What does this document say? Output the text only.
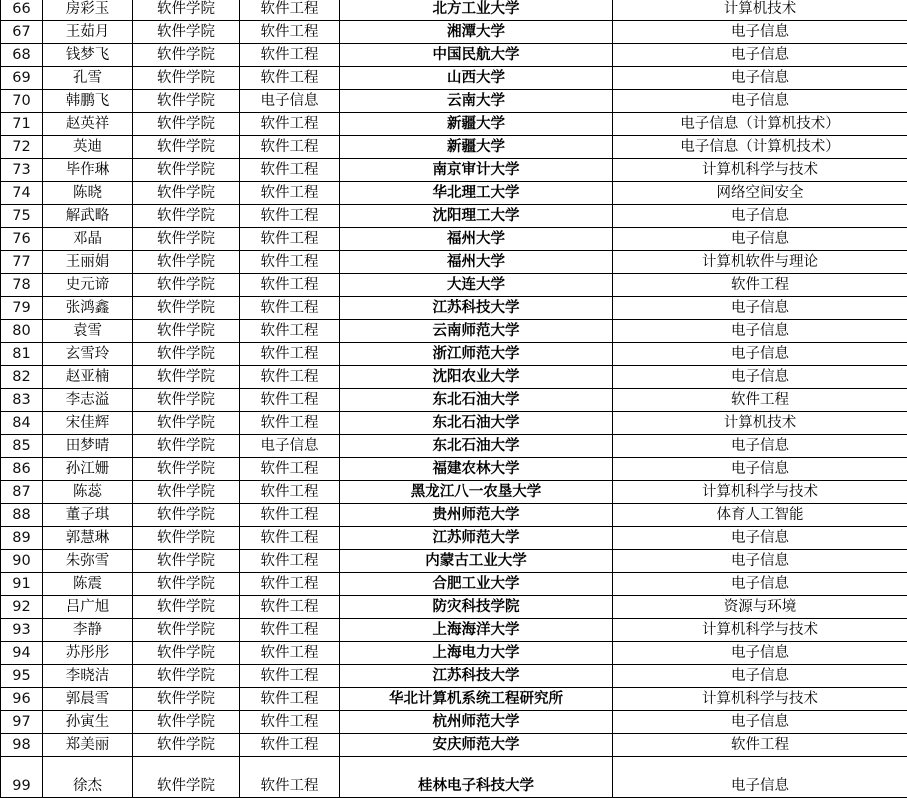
66	房彩玉	软件学院	软件工程	北方工业大学	计算机技术
67	王茹月	软件学院	软件工程	湘潭大学	电子信息
68	钱梦飞	软件学院	软件工程	中国民航大学	电子信息
69	孔雪	软件学院	软件工程	山西大学	电子信息
70	韩鹏飞	软件学院	电子信息	云南大学	电子信息
71	赵英祥	软件学院	软件工程	新疆大学	电子信息（计算机技术）
72	英迪	软件学院	软件工程	新疆大学	电子信息（计算机技术）
73	毕作琳	软件学院	软件工程	南京审计大学	计算机科学与技术
74	陈晓	软件学院	软件工程	华北理工大学	网络空间安全
75	解武略	软件学院	软件工程	沈阳理工大学	电子信息
76	邓晶	软件学院	软件工程	福州大学	电子信息
77	王丽娟	软件学院	软件工程	福州大学	计算机软件与理论
78	史元谛	软件学院	软件工程	大连大学	软件工程
79	张鸿鑫	软件学院	软件工程	江苏科技大学	电子信息
80	袁雪	软件学院	软件工程	云南师范大学	电子信息
81	玄雪玲	软件学院	软件工程	浙江师范大学	电子信息
82	赵亚楠	软件学院	软件工程	沈阳农业大学	电子信息
83	李志溢	软件学院	软件工程	东北石油大学	软件工程
84	宋佳辉	软件学院	软件工程	东北石油大学	计算机技术
85	田梦晴	软件学院	电子信息	东北石油大学	电子信息
86	孙江姗	软件学院	软件工程	福建农林大学	电子信息
87	陈蕊	软件学院	软件工程	黑龙江八一农垦大学	计算机科学与技术
88	董子琪	软件学院	软件工程	贵州师范大学	体育人工智能
89	郭慧琳	软件学院	软件工程	江苏师范大学	电子信息
90	朱弥雪	软件学院	软件工程	内蒙古工业大学	电子信息
91	陈震	软件学院	软件工程	合肥工业大学	电子信息
92	吕广旭	软件学院	软件工程	防灾科技学院	资源与环境
93	李静	软件学院	软件工程	上海海洋大学	计算机科学与技术
94	苏彤彤	软件学院	软件工程	上海电力大学	电子信息
95	李晓洁	软件学院	软件工程	江苏科技大学	电子信息
96	郭晨雪	软件学院	软件工程	华北计算机系统工程研究所	计算机科学与技术
97	孙寅生	软件学院	软件工程	杭州师范大学	电子信息
98	郑美丽	软件学院	软件工程	安庆师范大学	软件工程
99	徐杰	软件学院	软件工程	桂林电子科技大学	电子信息
